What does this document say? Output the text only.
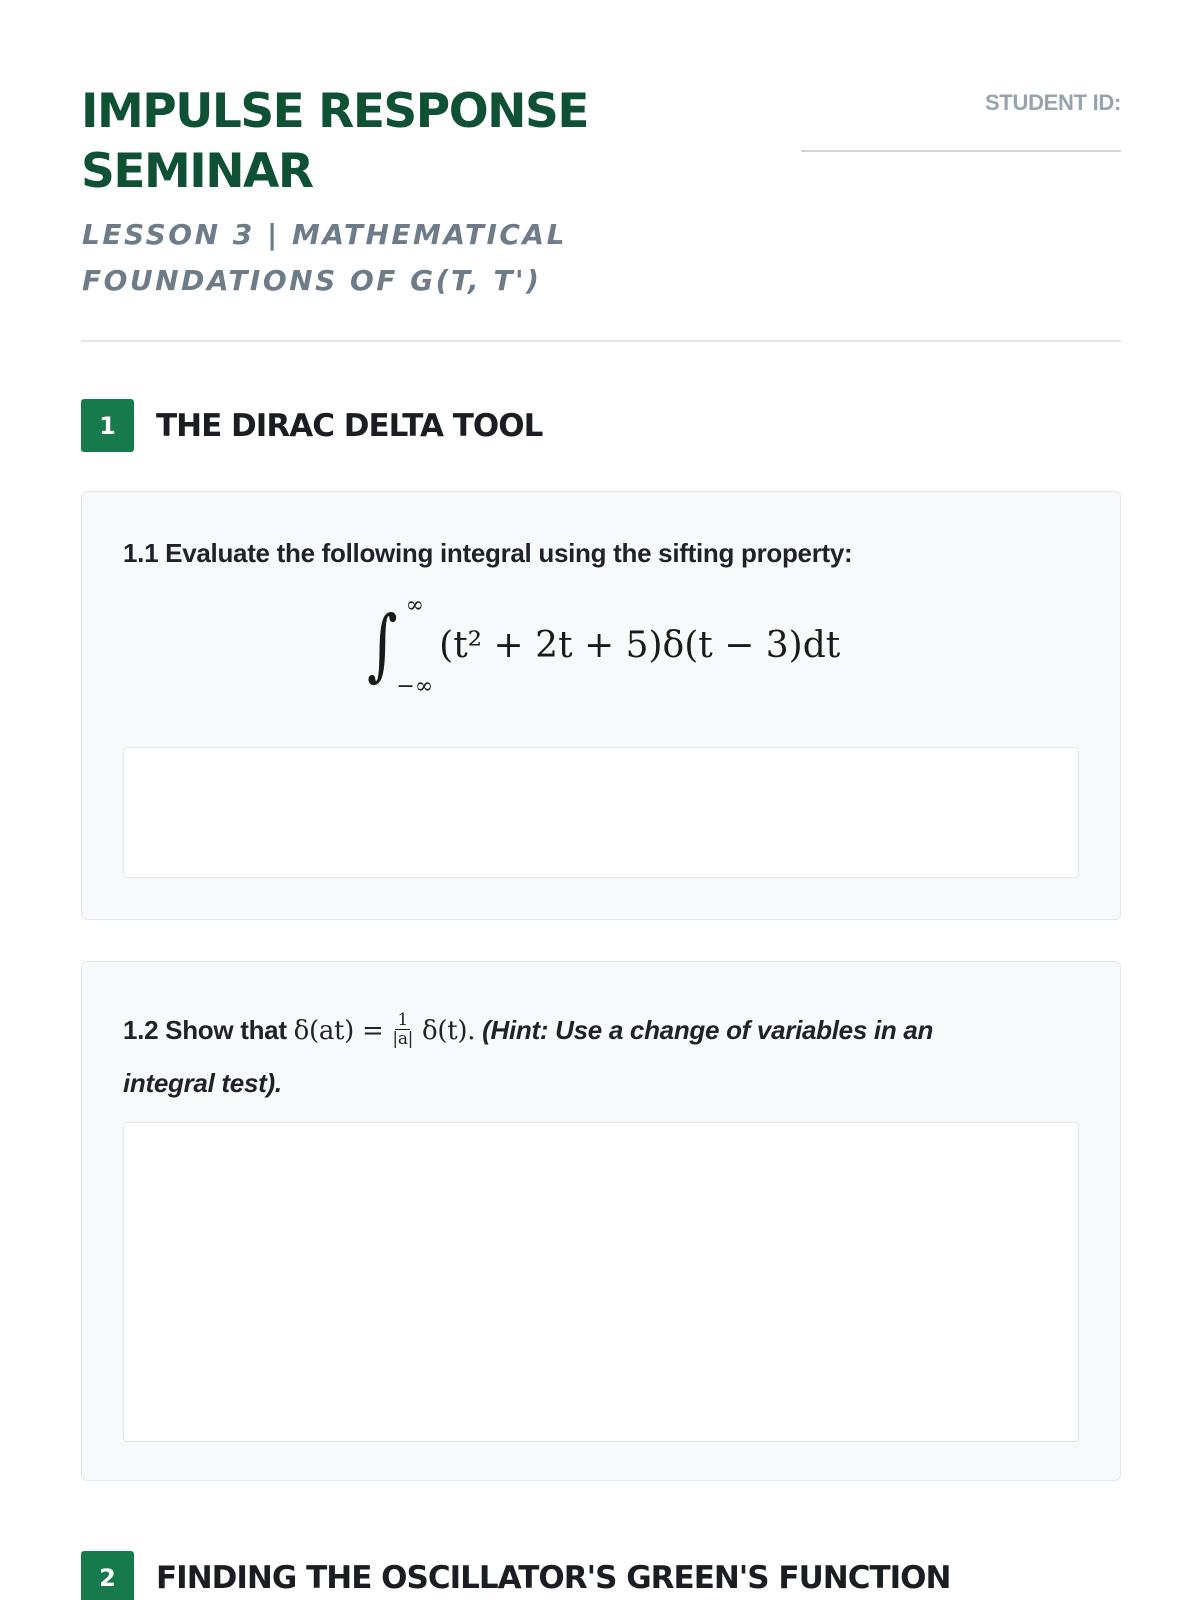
IMPULSE RESPONSE SEMINAR
LESSON 3 | MATHEMATICAL FOUNDATIONS OF G(T, T')
STUDENT ID:
1	THE DIRAC DELTA TOOL
1.1 Evaluate the following integral using the sifting property:
∫ ∞
−∞
(t² + 2t + 5)δ(t − 3)dt
1.2 Show that $\delta(at) = \frac{1}{|a|} \delta(t)$. (Hint: Use a change of variables in an integral test).
2	FINDING THE OSCILLATOR'S GREEN'S FUNCTION
